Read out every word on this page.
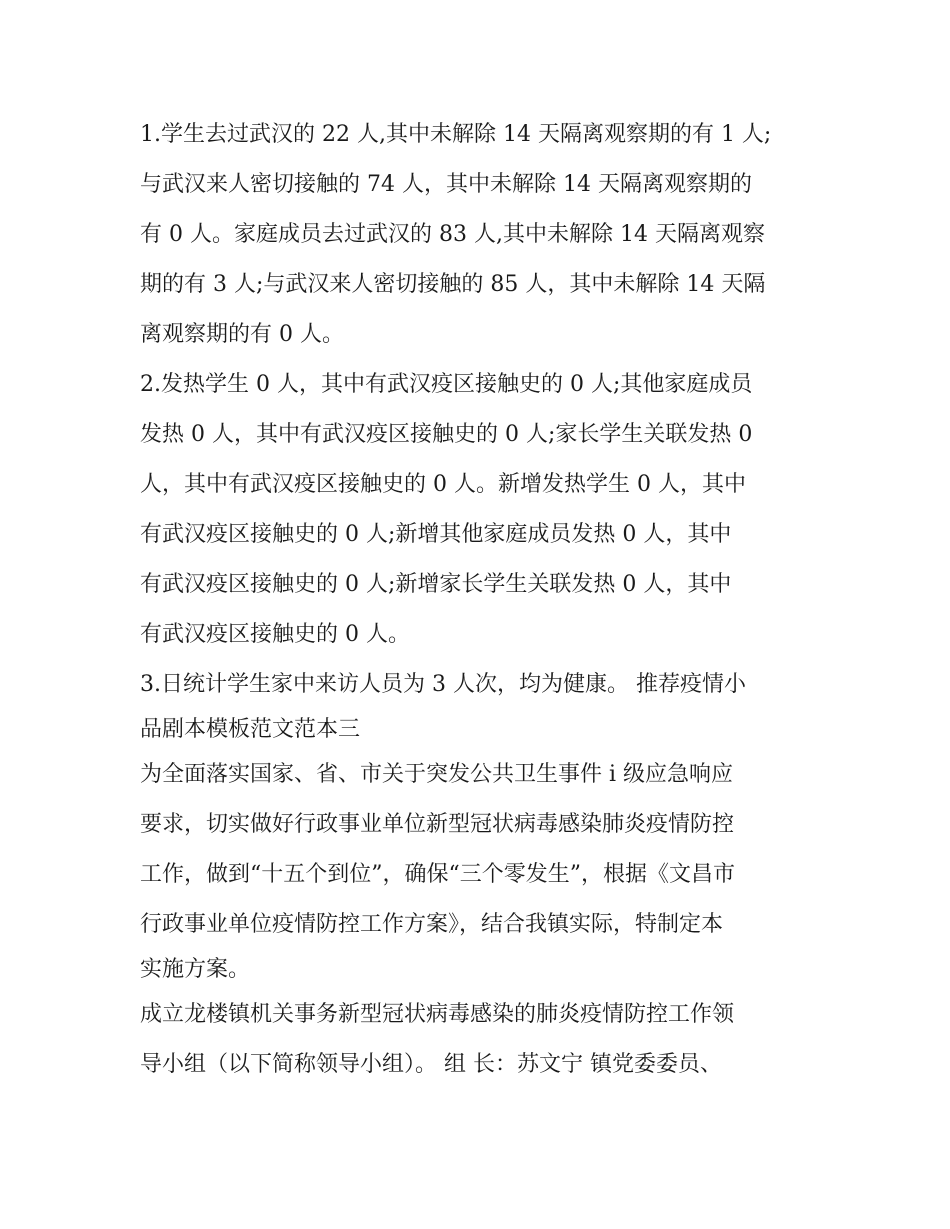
1.学生去过武汉的 22 人,其中未解除 14 天隔离观察期的有 1 人;
与武汉来人密切接触的 74 人，其中未解除 14 天隔离观察期的
有 0 人。家庭成员去过武汉的 83 人,其中未解除 14 天隔离观察
期的有 3 人;与武汉来人密切接触的 85 人，其中未解除 14 天隔
离观察期的有 0 人。
2.发热学生 0 人，其中有武汉疫区接触史的 0 人;其他家庭成员
发热 0 人，其中有武汉疫区接触史的 0 人;家长学生关联发热 0
人，其中有武汉疫区接触史的 0 人。新增发热学生 0 人，其中
有武汉疫区接触史的 0 人;新增其他家庭成员发热 0 人，其中
有武汉疫区接触史的 0 人;新增家长学生关联发热 0 人，其中
有武汉疫区接触史的 0 人。
3.日统计学生家中来访人员为 3 人次，均为健康。 推荐疫情小
品剧本模板范文范本三
为全面落实国家、省、市关于突发公共卫生事件 i 级应急响应
要求，切实做好行政事业单位新型冠状病毒感染肺炎疫情防控
工作，做到“十五个到位”，确保“三个零发生”，根据《文昌市
行政事业单位疫情防控工作方案》，结合我镇实际，特制定本
实施方案。
成立龙楼镇机关事务新型冠状病毒感染的肺炎疫情防控工作领
导小组（以下简称领导小组）。 组 长：苏文宁 镇党委委员、
